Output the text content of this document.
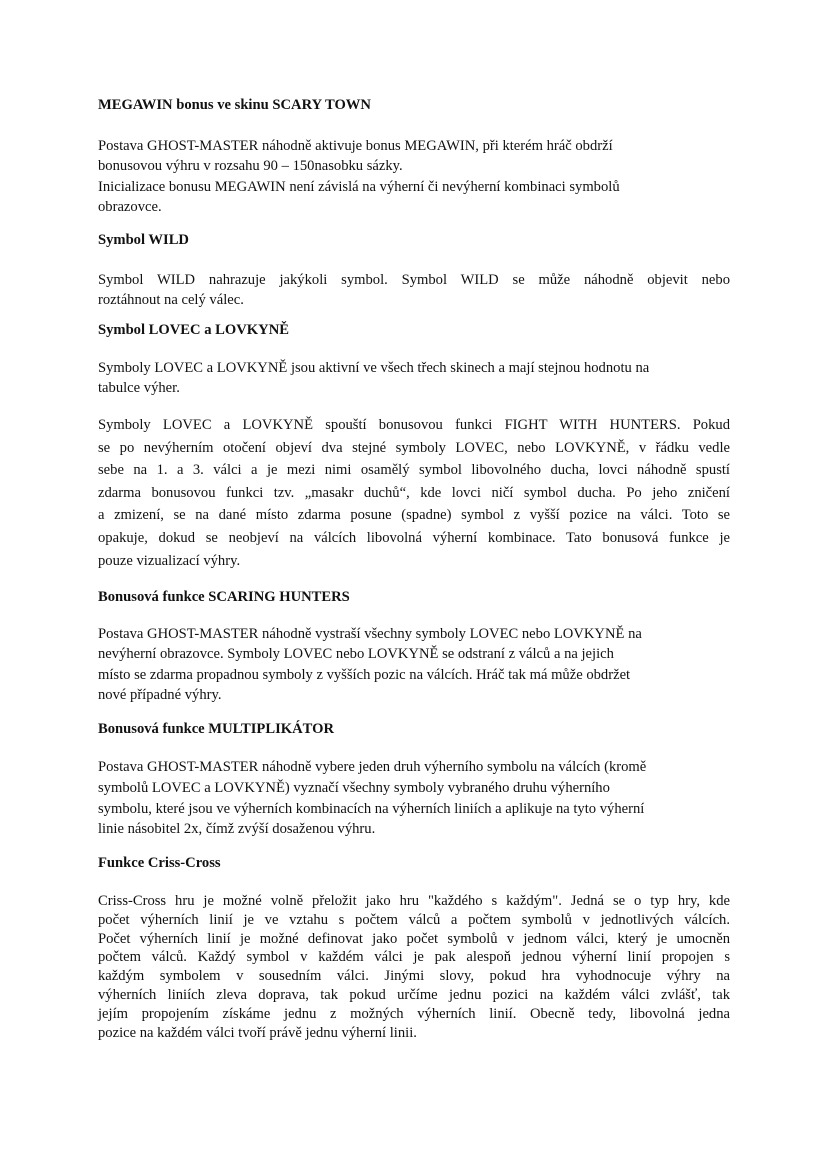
MEGAWIN bonus ve skinu SCARY TOWN
Postava GHOST-MASTER náhodně aktivuje bonus MEGAWIN, při kterém hráč obdrží
bonusovou výhru v rozsahu 90 – 150nasobku sázky.
Inicializace bonusu MEGAWIN není závislá na výherní či nevýherní kombinaci symbolů
obrazovce.
Symbol WILD
Symbol WILD nahrazuje jakýkoli symbol. Symbol WILD se může náhodně objevit nebo
roztáhnout na celý válec.
Symbol LOVEC a LOVKYNĚ
Symboly LOVEC a LOVKYNĚ jsou aktivní ve všech třech skinech a mají stejnou hodnotu na
tabulce výher.
Symboly LOVEC a LOVKYNĚ spouští bonusovou funkci FIGHT WITH HUNTERS. Pokud
se po nevýherním otočení objeví dva stejné symboly LOVEC, nebo LOVKYNĚ, v řádku vedle
sebe na 1. a 3. válci a je mezi nimi osamělý symbol libovolného ducha, lovci náhodně spustí
zdarma bonusovou funkci tzv. „masakr duchů“, kde lovci ničí symbol ducha. Po jeho zničení
a zmizení, se na dané místo zdarma posune (spadne) symbol z vyšší pozice na válci. Toto se
opakuje, dokud se neobjeví na válcích libovolná výherní kombinace. Tato bonusová funkce je
pouze vizualizací výhry.
Bonusová funkce SCARING HUNTERS
Postava GHOST-MASTER náhodně vystraší všechny symboly LOVEC nebo LOVKYNĚ na
nevýherní obrazovce. Symboly LOVEC nebo LOVKYNĚ se odstraní z válců a na jejich
místo se zdarma propadnou symboly z vyšších pozic na válcích. Hráč tak má může obdržet
nové případné výhry.
Bonusová funkce MULTIPLIKÁTOR
Postava GHOST-MASTER náhodně vybere jeden druh výherního symbolu na válcích (kromě
symbolů LOVEC a LOVKYNĚ) vyznačí všechny symboly vybraného druhu výherního
symbolu, které jsou ve výherních kombinacích na výherních liniích a aplikuje na tyto výherní
linie násobitel 2x, čímž zvýší dosaženou výhru.
Funkce Criss-Cross
Criss-Cross hru je možné volně přeložit jako hru "každého s každým". Jedná se o typ hry, kde
počet výherních linií je ve vztahu s počtem válců a počtem symbolů v jednotlivých válcích.
Počet výherních linií je možné definovat jako počet symbolů v jednom válci, který je umocněn
počtem válců. Každý symbol v každém válci je pak alespoň jednou výherní linií propojen s
každým symbolem v sousedním válci. Jinými slovy, pokud hra vyhodnocuje výhry na
výherních liniích zleva doprava, tak pokud určíme jednu pozici na každém válci zvlášť, tak
jejím propojením získáme jednu z možných výherních linií. Obecně tedy, libovolná jedna
pozice na každém válci tvoří právě jednu výherní linii.
